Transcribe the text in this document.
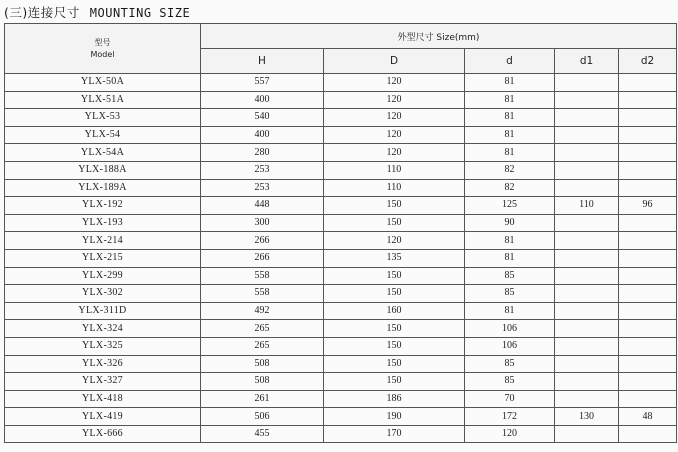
(三)连接尺寸 MOUNTING SIZE
型号
Model	外型尺寸 Size(mm)				
	H	D	d	d1	d2
YLX-50A	557	120	81		
YLX-51A	400	120	81		
YLX-53	540	120	81		
YLX-54	400	120	81		
YLX-54A	280	120	81		
YLX-188A	253	110	82		
YLX-189A	253	110	82		
YLX-192	448	150	125	110	96
YLX-193	300	150	90		
YLX-214	266	120	81		
YLX-215	266	135	81		
YLX-299	558	150	85		
YLX-302	558	150	85		
YLX-311D	492	160	81		
YLX-324	265	150	106		
YLX-325	265	150	106		
YLX-326	508	150	85		
YLX-327	508	150	85		
YLX-418	261	186	70		
YLX-419	506	190	172	130	48
YLX-666	455	170	120		
